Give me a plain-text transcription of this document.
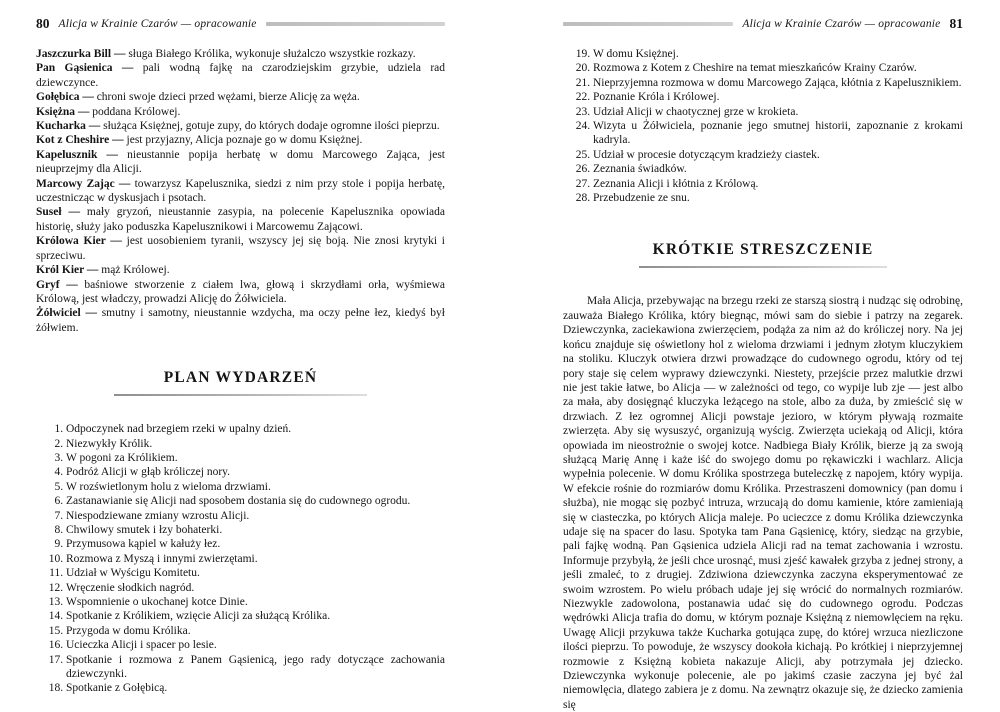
80 Alicja w Krainie Czarów — opracowanie

Jaszczurka Bill — sługa Białego Królika, wykonuje służalczo wszystkie rozkazy.

Pan Gąsienica — pali wodną fajkę na czarodziejskim grzybie, udziela rad dziewczynce.

Gołębica — chroni swoje dzieci przed wężami, bierze Alicję za węża.

Księżna — poddana Królowej.

Kucharka — służąca Księżnej, gotuje zupy, do których dodaje ogromne ilości pieprzu.

Kot z Cheshire — jest przyjazny, Alicja poznaje go w domu Księżnej.

Kapelusznik — nieustannie popija herbatę w domu Marcowego Zająca, jest nieuprzejmy dla Alicji.

Marcowy Zając — towarzysz Kapelusznika, siedzi z nim przy stole i popija herbatę, uczestnicząc w dyskusjach i psotach.

Suseł — mały gryzoń, nieustannie zasypia, na polecenie Kapelusznika opowiada historię, służy jako poduszka Kapelusznikowi i Marcowemu Zającowi.

Królowa Kier — jest uosobieniem tyranii, wszyscy jej się boją. Nie znosi krytyki i sprzeciwu.

Król Kier — mąż Królowej.

Gryf — baśniowe stworzenie z ciałem lwa, głową i skrzydłami orła, wyśmiewa Królową, jest władczy, prowadzi Alicję do Żółwiciela.

Żółwiciel — smutny i samotny, nieustannie wzdycha, ma oczy pełne łez, kiedyś był żółwiem.

PLAN WYDARZEŃ
1. Odpoczynek nad brzegiem rzeki w upalny dzień.
2. Niezwykły Królik.
3. W pogoni za Królikiem.
4. Podróż Alicji w głąb króliczej nory.
5. W rozświetlonym holu z wieloma drzwiami.
6. Zastanawianie się Alicji nad sposobem dostania się do cudownego ogrodu.
7. Niespodziewane zmiany wzrostu Alicji.
8. Chwilowy smutek i łzy bohaterki.
9. Przymusowa kąpiel w kałuży łez.
10. Rozmowa z Myszą i innymi zwierzętami.
11. Udział w Wyścigu Komitetu.
12. Wręczenie słodkich nagród.
13. Wspomnienie o ukochanej kotce Dinie.
14. Spotkanie z Królikiem, wzięcie Alicji za służącą Królika.
15. Przygoda w domu Królika.
16. Ucieczka Alicji i spacer po lesie.
17. Spotkanie i rozmowa z Panem Gąsienicą, jego rady dotyczące zachowania dziewczynki.
18. Spotkanie z Gołębicą.
Alicja w Krainie Czarów — opracowanie 81
19. W domu Księżnej.
20. Rozmowa z Kotem z Cheshire na temat mieszkańców Krainy Czarów.
21. Nieprzyjemna rozmowa w domu Marcowego Zająca, kłótnia z Kapelusznikiem.
22. Poznanie Króla i Królowej.
23. Udział Alicji w chaotycznej grze w krokieta.
24. Wizyta u Żółwiciela, poznanie jego smutnej historii, zapoznanie z krokami kadryla.
25. Udział w procesie dotyczącym kradzieży ciastek.
26. Zeznania świadków.
27. Zeznania Alicji i kłótnia z Królową.
28. Przebudzenie ze snu.
KRÓTKIE STRESZCZENIE

Mała Alicja, przebywając na brzegu rzeki ze starszą siostrą i nudząc się odrobinę, zauważa Białego Królika, który biegnąc, mówi sam do siebie i patrzy na zegarek. Dziewczynka, zaciekawiona zwierzęciem, podąża za nim aż do króliczej nory. Na jej końcu znajduje się oświetlony hol z wieloma drzwiami i jednym złotym kluczykiem na stoliku. Kluczyk otwiera drzwi prowadzące do cudownego ogrodu, który od tej pory staje się celem wyprawy dziewczynki. Niestety, przejście przez malutkie drzwi nie jest takie łatwe, bo Alicja — w zależności od tego, co wypije lub zje — jest albo za mała, aby dosięgnąć kluczyka leżącego na stole, albo za duża, by zmieścić się w drzwiach. Z łez ogromnej Alicji powstaje jezioro, w którym pływają rozmaite zwierzęta. Aby się wysuszyć, organizują wyścig. Zwierzęta uciekają od Alicji, która opowiada im nieostrożnie o swojej kotce. Nadbiega Biały Królik, bierze ją za swoją służącą Marię Annę i każe iść do swojego domu po rękawiczki i wachlarz. Alicja wypełnia polecenie. W domu Królika spostrzega buteleczkę z napojem, który wypija. W efekcie rośnie do rozmiarów domu Królika. Przestraszeni domownicy (pan domu i służba), nie mogąc się pozbyć intruza, wrzucają do domu kamienie, które zamieniają się w ciasteczka, po których Alicja maleje. Po ucieczce z domu Królika dziewczynka udaje się na spacer do lasu. Spotyka tam Pana Gąsienicę, który, siedząc na grzybie, pali fajkę wodną. Pan Gąsienica udziela Alicji rad na temat zachowania i wzrostu. Informuje przybyłą, że jeśli chce urosnąć, musi zjeść kawałek grzyba z jednej strony, a jeśli zmaleć, to z drugiej. Zdziwiona dziewczynka zaczyna eksperymentować ze swoim wzrostem. Po wielu próbach udaje jej się wrócić do normalnych rozmiarów. Niezwykle zadowolona, postanawia udać się do cudownego ogrodu. Podczas wędrówki Alicja trafia do domu, w którym poznaje Księżną z niemowlęciem na ręku. Uwagę Alicji przykuwa także Kucharka gotująca zupę, do której wrzuca niezliczone ilości pieprzu. To powoduje, że wszyscy dookoła kichają. Po krótkiej i nieprzyjemnej rozmowie z Księżną kobieta nakazuje Alicji, aby potrzymała jej dziecko. Dziewczynka wykonuje polecenie, ale po jakimś czasie zaczyna jej być żal niemowlęcia, dlatego zabiera je z domu. Na zewnątrz okazuje się, że dziecko zamienia się
